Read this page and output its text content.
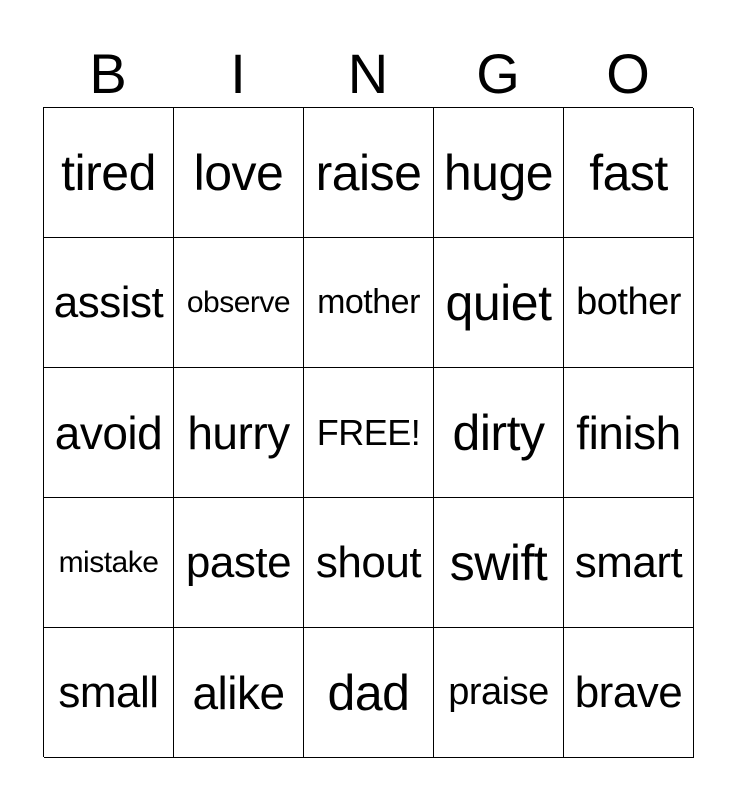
B	I	N	G	O
tired love raise huge fast
assist observe mother quiet bother
avoid hurry FREE! dirty finish
mistake paste shout swift smart
small alike dad	praise brave
